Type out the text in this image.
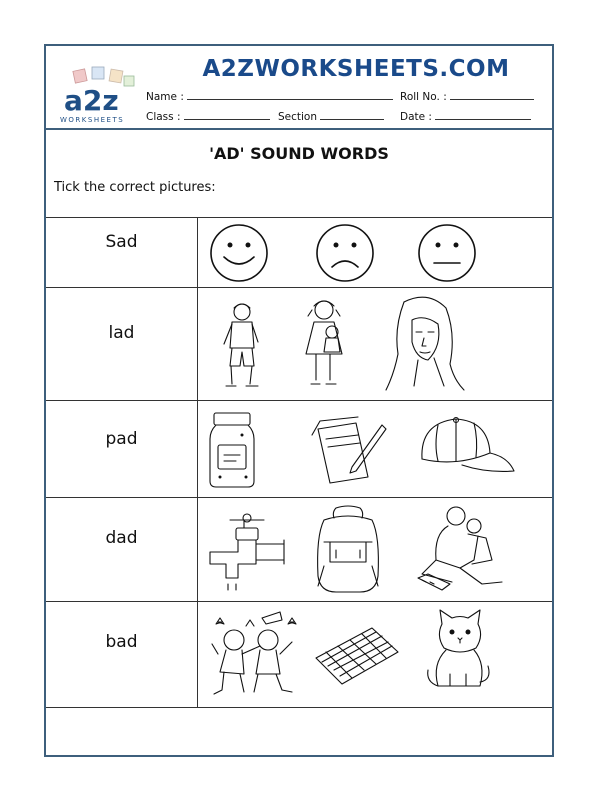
a2z
WORKSHEETS
A2ZWORKSHEETS.COM
Name :	Roll No. :
Class :	Section	Date :
'AD' SOUND WORDS
Tick the correct pictures:
Sad
lad
pad
dad
bad
